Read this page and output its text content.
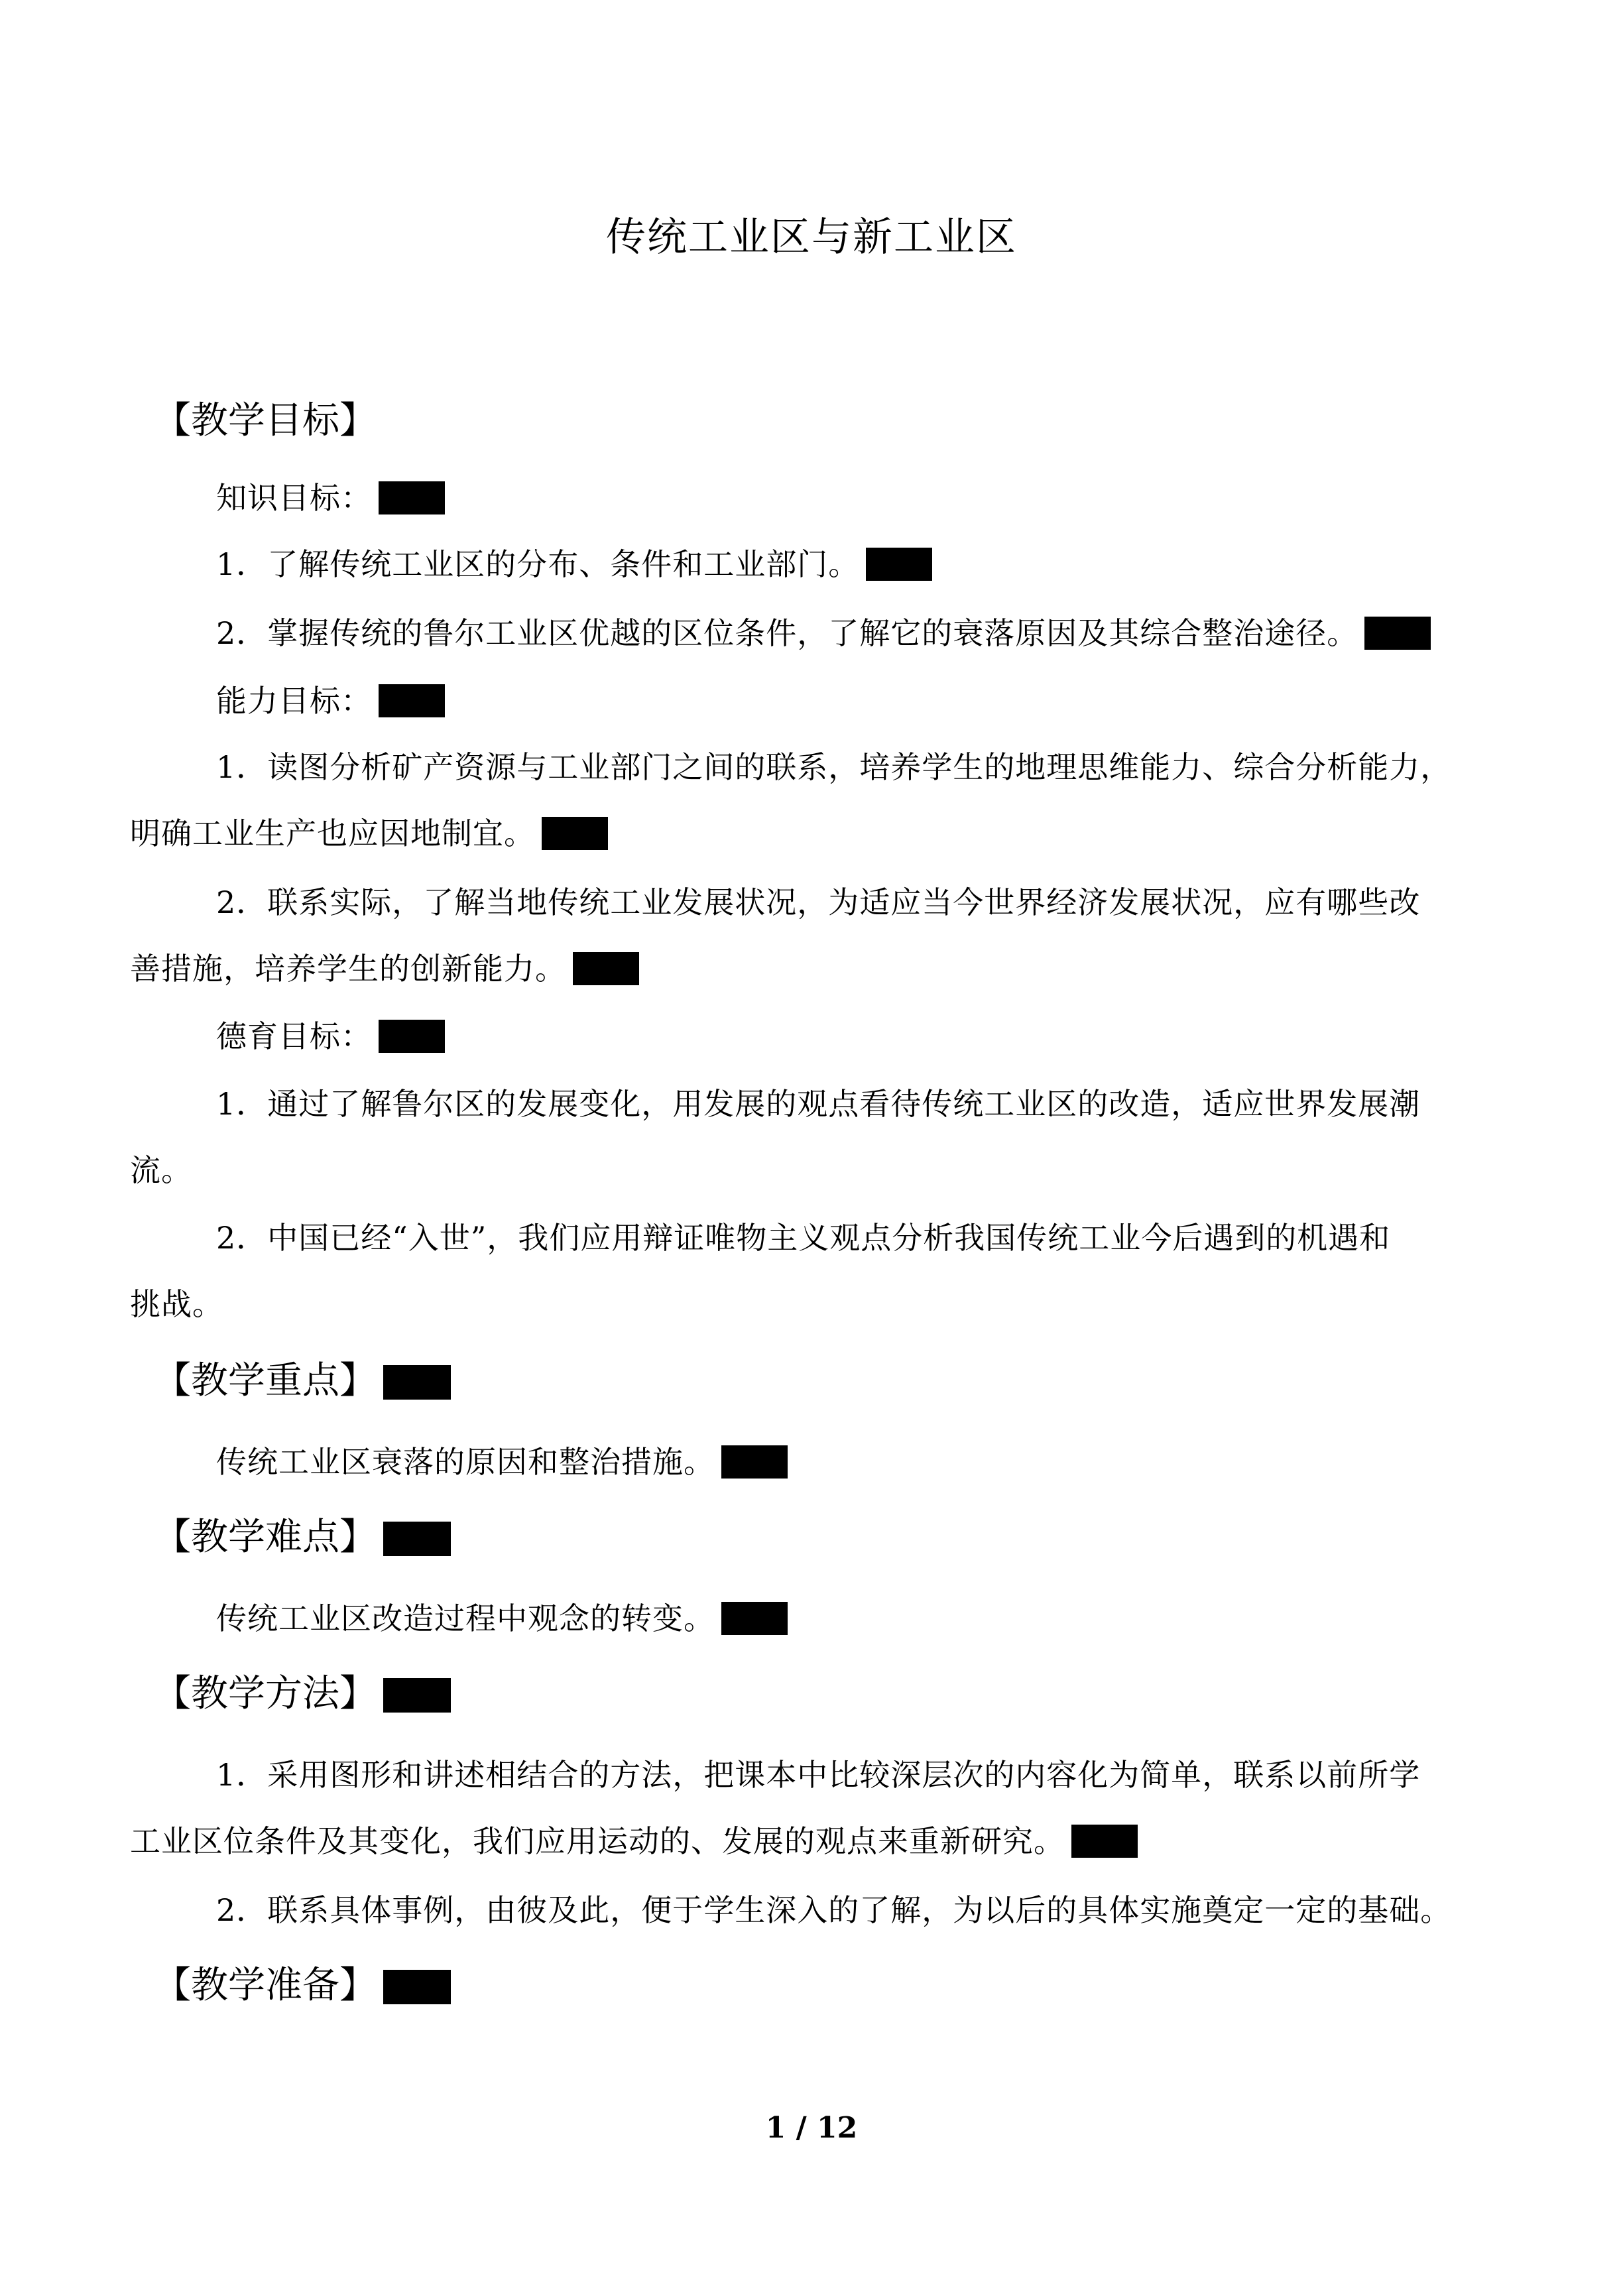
传统工业区与新工业区
【教学目标】
知识目标：
1．了解传统工业区的分布、条件和工业部门。
2．掌握传统的鲁尔工业区优越的区位条件，了解它的衰落原因及其综合整治途径。
能力目标：
1．读图分析矿产资源与工业部门之间的联系，培养学生的地理思维能力、综合分析能力，
明确工业生产也应因地制宜。
2．联系实际，了解当地传统工业发展状况，为适应当今世界经济发展状况，应有哪些改
善措施，培养学生的创新能力。
德育目标：
1．通过了解鲁尔区的发展变化，用发展的观点看待传统工业区的改造，适应世界发展潮
流。
2．中国已经“入世”，我们应用辩证唯物主义观点分析我国传统工业今后遇到的机遇和
挑战。
【教学重点】
传统工业区衰落的原因和整治措施。
【教学难点】
传统工业区改造过程中观念的转变。
【教学方法】
1．采用图形和讲述相结合的方法，把课本中比较深层次的内容化为简单，联系以前所学
工业区位条件及其变化，我们应用运动的、发展的观点来重新研究。
2．联系具体事例，由彼及此，便于学生深入的了解，为以后的具体实施奠定一定的基础。
【教学准备】
1 / 12
